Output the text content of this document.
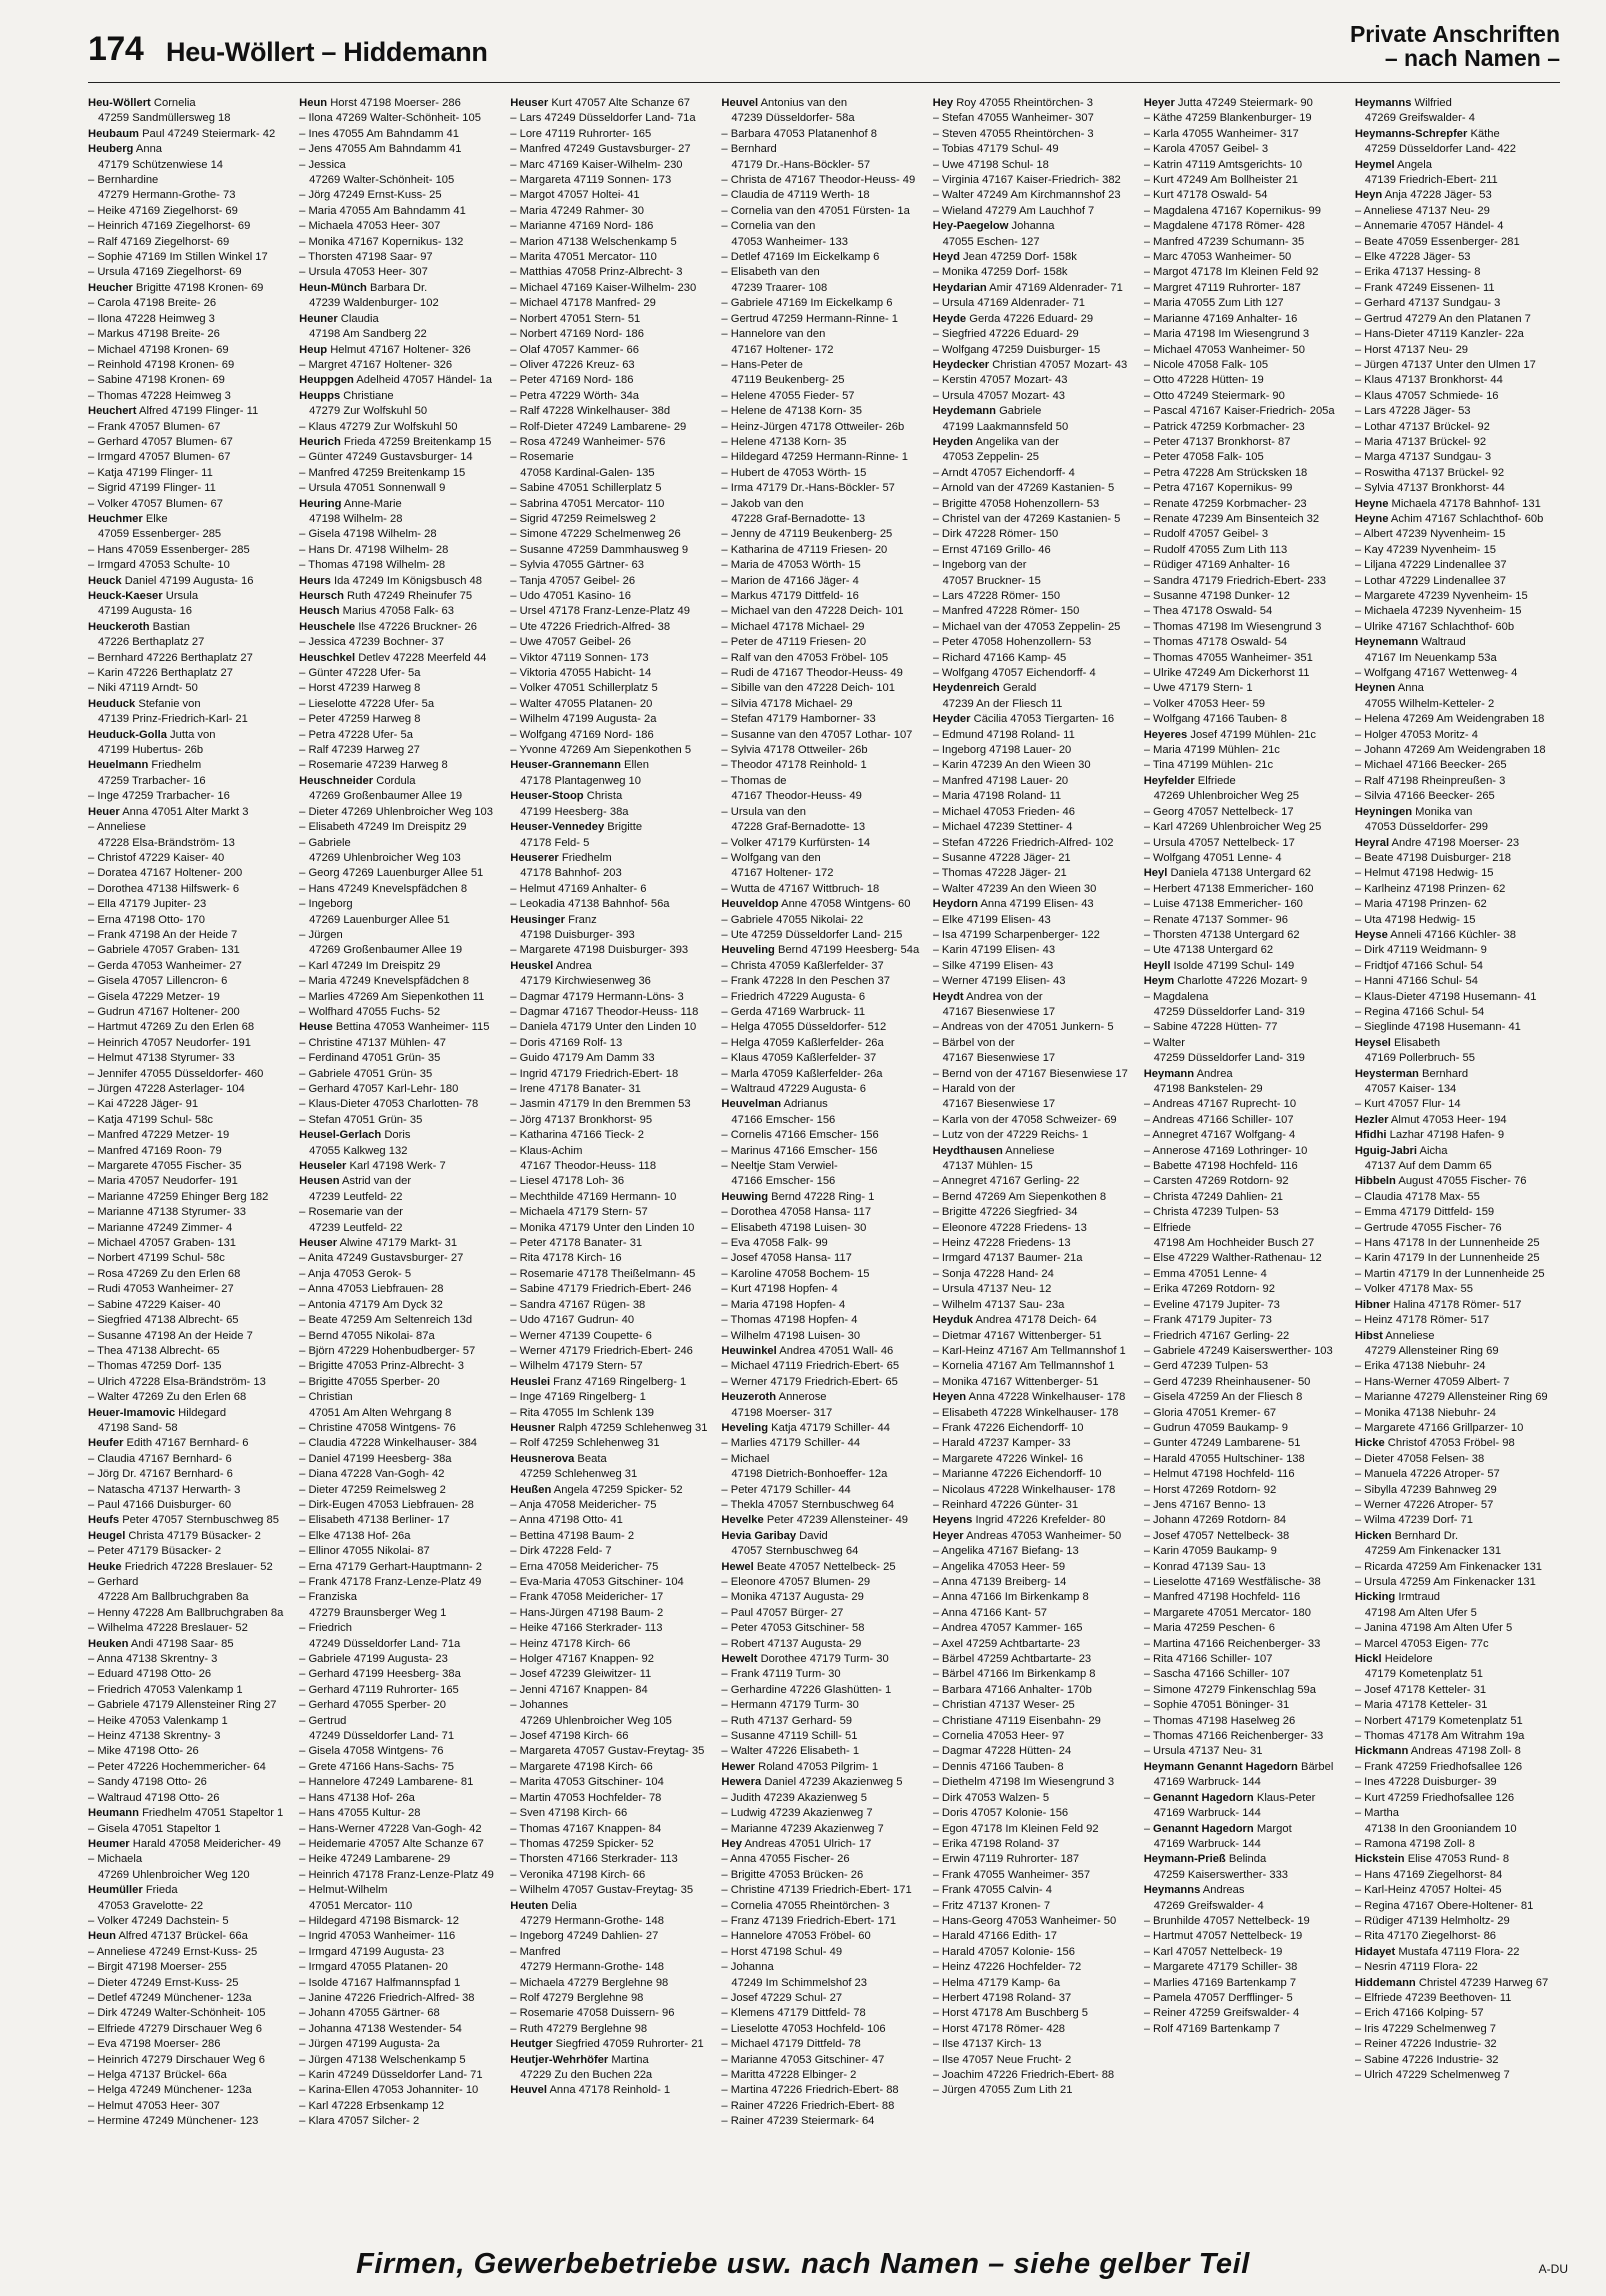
174 Heu-Wöllert – Hiddemann
Private Anschriften
– nach Namen –
Heu-Wöllert Cornelia
47259 Sandmüllersweg 18
Heubaum Paul 47249 Steiermark- 42
Heuberg Anna
47179 Schützenwiese 14
– Bernhardine
47279 Hermann-Grothe- 73
– Heike 47169 Ziegelhorst- 69
– Heinrich 47169 Ziegelhorst- 69
– Ralf 47169 Ziegelhorst- 69
– Sophie 47169 Im Stillen Winkel 17
– Ursula 47169 Ziegelhorst- 69
Heucher Brigitte 47198 Kronen- 69
– Carola 47198 Breite- 26
– Ilona 47228 Heimweg 3
– Markus 47198 Breite- 26
– Michael 47198 Kronen- 69
– Reinhold 47198 Kronen- 69
– Sabine 47198 Kronen- 69
– Thomas 47228 Heimweg 3
Heuchert Alfred 47199 Flinger- 11
– Frank 47057 Blumen- 67
– Gerhard 47057 Blumen- 67
– Irmgard 47057 Blumen- 67
– Katja 47199 Flinger- 11
– Sigrid 47199 Flinger- 11
– Volker 47057 Blumen- 67
Heuchmer Elke
47059 Essenberger- 285
– Hans 47059 Essenberger- 285
– Irmgard 47053 Schulte- 10
Heuck Daniel 47199 Augusta- 16
Heuck-Kaeser Ursula
47199 Augusta- 16
Heuckeroth Bastian
47226 Berthaplatz 27
– Bernhard 47226 Berthaplatz 27
– Karin 47226 Berthaplatz 27
– Niki 47119 Arndt- 50
Heuduck Stefanie von
47139 Prinz-Friedrich-Karl- 21
Heuduck-Golla Jutta von
47199 Hubertus- 26b
Heuelmann Friedhelm
47259 Trarbacher- 16
– Inge 47259 Trarbacher- 16
Heuer Anna 47051 Alter Markt 3
– Anneliese
47228 Elsa-Brändström- 13
– Christof 47229 Kaiser- 40
– Doratea 47167 Holtener- 200
– Dorothea 47138 Hilfswerk- 6
– Ella 47179 Jupiter- 23
– Erna 47198 Otto- 170
– Frank 47198 An der Heide 7
– Gabriele 47057 Graben- 131
– Gerda 47053 Wanheimer- 27
– Gisela 47057 Lillencron- 6
– Gisela 47229 Metzer- 19
– Gudrun 47167 Holtener- 200
– Hartmut 47269 Zu den Erlen 68
– Heinrich 47057 Neudorfer- 191
– Helmut 47138 Styrumer- 33
– Jennifer 47055 Düsseldorfer- 460
– Jürgen 47228 Asterlager- 104
– Kai 47228 Jäger- 91
– Katja 47199 Schul- 58c
– Manfred 47229 Metzer- 19
– Manfred 47169 Roon- 79
– Margarete 47055 Fischer- 35
– Maria 47057 Neudorfer- 191
– Marianne 47259 Ehinger Berg 182
– Marianne 47138 Styrumer- 33
– Marianne 47249 Zimmer- 4
– Michael 47057 Graben- 131
– Norbert 47199 Schul- 58c
– Rosa 47269 Zu den Erlen 68
– Rudi 47053 Wanheimer- 27
– Sabine 47229 Kaiser- 40
– Siegfried 47138 Albrecht- 65
– Susanne 47198 An der Heide 7
– Thea 47138 Albrecht- 65
– Thomas 47259 Dorf- 135
– Ulrich 47228 Elsa-Brändström- 13
– Walter 47269 Zu den Erlen 68
Heuer-Imamovic Hildegard
47198 Sand- 58
Heufer Edith 47167 Bernhard- 6
– Claudia 47167 Bernhard- 6
– Jörg Dr. 47167 Bernhard- 6
– Natascha 47137 Herwarth- 3
– Paul 47166 Duisburger- 60
Heufs Peter 47057 Sternbuschweg 85
Heugel Christa 47179 Büsacker- 2
– Peter 47179 Büsacker- 2
Heuke Friedrich 47228 Breslauer- 52
– Gerhard
47228 Am Ballbruchgraben 8a
– Henny 47228 Am Ballbruchgraben 8a
– Wilhelma 47228 Breslauer- 52
Heuken Andi 47198 Saar- 85
– Anna 47138 Skrentny- 3
– Eduard 47198 Otto- 26
– Friedrich 47053 Valenkamp 1
– Gabriele 47179 Allensteiner Ring 27
– Heike 47053 Valenkamp 1
– Heinz 47138 Skrentny- 3
– Mike 47198 Otto- 26
– Peter 47226 Hochemmericher- 64
– Sandy 47198 Otto- 26
– Waltraud 47198 Otto- 26
Heumann Friedhelm 47051 Stapeltor 1
– Gisela 47051 Stapeltor 1
Heumer Harald 47058 Meidericher- 49
– Michaela
47269 Uhlenbroicher Weg 120
Heumüller Frieda
47053 Gravelotte- 22
– Volker 47249 Dachstein- 5
Heun Alfred 47137 Brückel- 66a
– Anneliese 47249 Ernst-Kuss- 25
– Birgit 47198 Moerser- 255
– Dieter 47249 Ernst-Kuss- 25
– Detlef 47249 Münchener- 123a
– Dirk 47249 Walter-Schönheit- 105
– Elfriede 47279 Dirschauer Weg 6
– Eva 47198 Moerser- 286
– Heinrich 47279 Dirschauer Weg 6
– Helga 47137 Brückel- 66a
– Helga 47249 Münchener- 123a
– Helmut 47053 Heer- 307
– Hermine 47249 Münchener- 123
Heun Horst 47198 Moerser- 286
– Ilona 47269 Walter-Schönheit- 105
– Ines 47055 Am Bahndamm 41
– Jens 47055 Am Bahndamm 41
– Jessica
47269 Walter-Schönheit- 105
– Jörg 47249 Ernst-Kuss- 25
– Maria 47055 Am Bahndamm 41
– Michaela 47053 Heer- 307
– Monika 47167 Kopernikus- 132
– Thorsten 47198 Saar- 97
– Ursula 47053 Heer- 307
Heun-Münch Barbara Dr.
47239 Waldenburger- 102
Heuner Claudia
47198 Am Sandberg 22
Heup Helmut 47167 Holtener- 326
– Margret 47167 Holtener- 326
Heuppgen Adelheid 47057 Händel- 1a
Heupps Christiane
47279 Zur Wolfskuhl 50
– Klaus 47279 Zur Wolfskuhl 50
Heurich Frieda 47259 Breitenkamp 15
– Günter 47249 Gustavsburger- 14
– Manfred 47259 Breitenkamp 15
– Ursula 47051 Sonnenwall 9
Heuring Anne-Marie
47198 Wilhelm- 28
– Gisela 47198 Wilhelm- 28
– Hans Dr. 47198 Wilhelm- 28
– Thomas 47198 Wilhelm- 28
Heurs Ida 47249 Im Königsbusch 48
Heursch Ruth 47249 Rheinufer 75
Heusch Marius 47058 Falk- 63
Heuschele Ilse 47226 Bruckner- 26
– Jessica 47239 Bochner- 37
Heuschkel Detlev 47228 Meerfeld 44
– Günter 47228 Ufer- 5a
– Horst 47239 Harweg 8
– Lieselotte 47228 Ufer- 5a
– Peter 47259 Harweg 8
– Petra 47228 Ufer- 5a
– Ralf 47239 Harweg 27
– Rosemarie 47239 Harweg 8
Heuschneider Cordula
47269 Großenbaumer Allee 19
– Dieter 47269 Uhlenbroicher Weg 103
– Elisabeth 47249 Im Dreispitz 29
– Gabriele
47269 Uhlenbroicher Weg 103
– Georg 47269 Lauenburger Allee 51
– Hans 47249 Knevelspfädchen 8
– Ingeborg
47269 Lauenburger Allee 51
– Jürgen
47269 Großenbaumer Allee 19
– Karl 47249 Im Dreispitz 29
– Maria 47249 Knevelspfädchen 8
– Marlies 47269 Am Siepenkothen 11
– Wolfhard 47055 Fuchs- 52
Heuse Bettina 47053 Wanheimer- 115
– Christine 47137 Mühlen- 47
– Ferdinand 47051 Grün- 35
– Gabriele 47051 Grün- 35
– Gerhard 47057 Karl-Lehr- 180
– Klaus-Dieter 47053 Charlotten- 78
– Stefan 47051 Grün- 35
Heusel-Gerlach Doris
47055 Kalkweg 132
Heuseler Karl 47198 Werk- 7
Heusen Astrid van der
47239 Leutfeld- 22
– Rosemarie van der
47239 Leutfeld- 22
Heuser Alwine 47179 Markt- 31
– Anita 47249 Gustavsburger- 27
– Anja 47053 Gerok- 5
– Anna 47053 Liebfrauen- 28
– Antonia 47179 Am Dyck 32
– Beate 47259 Am Seltenreich 13d
– Bernd 47055 Nikolai- 87a
– Björn 47229 Hohenbudberger- 57
– Brigitte 47053 Prinz-Albrecht- 3
– Brigitte 47055 Sperber- 20
– Christian
47051 Am Alten Wehrgang 8
– Christine 47058 Wintgens- 76
– Claudia 47228 Winkelhauser- 384
– Daniel 47199 Heesberg- 38a
– Diana 47228 Van-Gogh- 42
– Dieter 47259 Reimelsweg 2
– Dirk-Eugen 47053 Liebfrauen- 28
– Elisabeth 47138 Berliner- 17
– Elke 47138 Hof- 26a
– Ellinor 47055 Nikolai- 87
– Erna 47179 Gerhart-Hauptmann- 2
– Frank 47178 Franz-Lenze-Platz 49
– Franziska
47279 Braunsberger Weg 1
– Friedrich
47249 Düsseldorfer Land- 71a
– Gabriele 47199 Augusta- 23
– Gerhard 47199 Heesberg- 38a
– Gerhard 47119 Ruhrorter- 165
– Gerhard 47055 Sperber- 20
– Gertrud
47249 Düsseldorfer Land- 71
– Gisela 47058 Wintgens- 76
– Grete 47166 Hans-Sachs- 75
– Hannelore 47249 Lambarene- 81
– Hans 47138 Hof- 26a
– Hans 47055 Kultur- 28
– Hans-Werner 47228 Van-Gogh- 42
– Heidemarie 47057 Alte Schanze 67
– Heike 47249 Lambarene- 29
– Heinrich 47178 Franz-Lenze-Platz 49
– Helmut-Wilhelm
47051 Mercator- 110
– Hildegard 47198 Bismarck- 12
– Ingrid 47053 Wanheimer- 116
– Irmgard 47199 Augusta- 23
– Irmgard 47055 Platanen- 20
– Isolde 47167 Halfmannspfad 1
– Janine 47226 Friedrich-Alfred- 38
– Johann 47055 Gärtner- 68
– Johanna 47138 Westender- 54
– Jürgen 47199 Augusta- 2a
– Jürgen 47138 Welschenkamp 5
– Karin 47249 Düsseldorfer Land- 71
– Karina-Ellen 47053 Johanniter- 10
– Karl 47228 Erbsenkamp 12
– Klara 47057 Silcher- 2
Heuser Kurt 47057 Alte Schanze 67
– Lars 47249 Düsseldorfer Land- 71a
– Lore 47119 Ruhrorter- 165
– Manfred 47249 Gustavsburger- 27
– Marc 47169 Kaiser-Wilhelm- 230
– Margareta 47119 Sonnen- 173
– Margot 47057 Holtei- 41
– Maria 47249 Rahmer- 30
– Marianne 47169 Nord- 186
– Marion 47138 Welschenkamp 5
– Marita 47051 Mercator- 110
– Matthias 47058 Prinz-Albrecht- 3
– Michael 47169 Kaiser-Wilhelm- 230
– Michael 47178 Manfred- 29
– Norbert 47051 Stern- 51
– Norbert 47169 Nord- 186
– Olaf 47057 Kammer- 66
– Oliver 47226 Kreuz- 63
– Peter 47169 Nord- 186
– Petra 47229 Wörth- 34a
– Ralf 47228 Winkelhauser- 38d
– Rolf-Dieter 47249 Lambarene- 29
– Rosa 47249 Wanheimer- 576
– Rosemarie
47058 Kardinal-Galen- 135
– Sabine 47051 Schillerplatz 5
– Sabrina 47051 Mercator- 110
– Sigrid 47259 Reimelsweg 2
– Simone 47229 Schelmenweg 26
– Susanne 47259 Dammhausweg 9
– Sylvia 47055 Gärtner- 63
– Tanja 47057 Geibel- 26
– Udo 47051 Kasino- 16
– Ursel 47178 Franz-Lenze-Platz 49
– Ute 47226 Friedrich-Alfred- 38
– Uwe 47057 Geibel- 26
– Viktor 47119 Sonnen- 173
– Viktoria 47055 Habicht- 14
– Volker 47051 Schillerplatz 5
– Walter 47055 Platanen- 20
– Wilhelm 47199 Augusta- 2a
– Wolfgang 47169 Nord- 186
– Yvonne 47269 Am Siepenkothen 5
Heuser-Grannemann Ellen
47178 Plantagenweg 10
Heuser-Stoop Christa
47199 Heesberg- 38a
Heuser-Vennedey Brigitte
47178 Feld- 5
Heuserer Friedhelm
47178 Bahnhof- 203
– Helmut 47169 Anhalter- 6
– Leokadia 47138 Bahnhof- 56a
Heusinger Franz
47198 Duisburger- 393
– Margarete 47198 Duisburger- 393
Heuskel Andrea
47179 Kirchwiesenweg 36
– Dagmar 47179 Hermann-Löns- 3
– Dagmar 47167 Theodor-Heuss- 118
– Daniela 47179 Unter den Linden 10
– Doris 47169 Rolf- 13
– Guido 47179 Am Damm 33
– Ingrid 47179 Friedrich-Ebert- 18
– Irene 47178 Banater- 31
– Jasmin 47179 In den Bremmen 53
– Jörg 47137 Bronkhorst- 95
– Katharina 47166 Tieck- 2
– Klaus-Achim
47167 Theodor-Heuss- 118
– Liesel 47178 Loh- 36
– Mechthilde 47169 Hermann- 10
– Michaela 47179 Stern- 57
– Monika 47179 Unter den Linden 10
– Peter 47178 Banater- 31
– Rita 47178 Kirch- 16
– Rosemarie 47178 Theißelmann- 45
– Sabine 47179 Friedrich-Ebert- 246
– Sandra 47167 Rügen- 38
– Udo 47167 Gudrun- 40
– Werner 47139 Coupette- 6
– Werner 47179 Friedrich-Ebert- 246
– Wilhelm 47179 Stern- 57
Heuslei Franz 47169 Ringelberg- 1
– Inge 47169 Ringelberg- 1
– Rita 47055 Im Schlenk 139
Heusner Ralph 47259 Schlehenweg 31
– Rolf 47259 Schlehenweg 31
Heusnerova Beata
47259 Schlehenweg 31
Heußen Angela 47259 Spicker- 52
– Anja 47058 Meidericher- 75
– Anna 47198 Otto- 41
– Bettina 47198 Baum- 2
– Dirk 47228 Feld- 7
– Erna 47058 Meidericher- 75
– Eva-Maria 47053 Gitschiner- 104
– Frank 47058 Meidericher- 17
– Hans-Jürgen 47198 Baum- 2
– Heike 47166 Sterkrader- 113
– Heinz 47178 Kirch- 66
– Holger 47167 Knappen- 92
– Josef 47239 Gleiwitzer- 11
– Jenni 47167 Knappen- 84
– Johannes
47269 Uhlenbroicher Weg 105
– Josef 47198 Kirch- 66
– Margareta 47057 Gustav-Freytag- 35
– Margarete 47198 Kirch- 66
– Marita 47053 Gitschiner- 104
– Martin 47053 Hochfelder- 78
– Sven 47198 Kirch- 66
– Thomas 47167 Knappen- 84
– Thomas 47259 Spicker- 52
– Thorsten 47166 Sterkrader- 113
– Veronika 47198 Kirch- 66
– Wilhelm 47057 Gustav-Freytag- 35
Heuten Delia
47279 Hermann-Grothe- 148
– Ingeborg 47249 Dahlien- 27
– Manfred
47279 Hermann-Grothe- 148
– Michaela 47279 Berglehne 98
– Rolf 47279 Berglehne 98
– Rosemarie 47058 Duissern- 96
– Ruth 47279 Berglehne 98
Heutger Siegfried 47059 Ruhrorter- 21
Heutjer-Wehrhöfer Martina
47229 Zu den Buchen 22a
Heuvel Anna 47178 Reinhold- 1
Heuvel Antonius van den
47239 Düsseldorfer- 58a
– Barbara 47053 Platanenhof 8
– Bernhard
47179 Dr.-Hans-Böckler- 57
– Christa de 47167 Theodor-Heuss- 49
– Claudia de 47119 Werth- 18
– Cornelia van den 47051 Fürsten- 1a
– Cornelia van den
47053 Wanheimer- 133
– Detlef 47169 Im Eickelkamp 6
– Elisabeth van den
47239 Traarer- 108
– Gabriele 47169 Im Eickelkamp 6
– Gertrud 47259 Hermann-Rinne- 1
– Hannelore van den
47167 Holtener- 172
– Hans-Peter de
47119 Beukenberg- 25
– Helene 47055 Fieder- 57
– Helene de 47138 Korn- 35
– Heinz-Jürgen 47178 Ottweiler- 26b
– Helene 47138 Korn- 35
– Hildegard 47259 Hermann-Rinne- 1
– Hubert de 47053 Wörth- 15
– Irma 47179 Dr.-Hans-Böckler- 57
– Jakob van den
47228 Graf-Bernadotte- 13
– Jenny de 47119 Beukenberg- 25
– Katharina de 47119 Friesen- 20
– Maria de 47053 Wörth- 15
– Marion de 47166 Jäger- 4
– Markus 47179 Dittfeld- 16
– Michael van den 47228 Deich- 101
– Michael 47178 Michael- 29
– Peter de 47119 Friesen- 20
– Ralf van den 47053 Fröbel- 105
– Rudi de 47167 Theodor-Heuss- 49
– Sibille van den 47228 Deich- 101
– Silvia 47178 Michael- 29
– Stefan 47179 Hamborner- 33
– Susanne van den 47057 Lothar- 107
– Sylvia 47178 Ottweiler- 26b
– Theodor 47178 Reinhold- 1
– Thomas de
47167 Theodor-Heuss- 49
– Ursula van den
47228 Graf-Bernadotte- 13
– Volker 47179 Kurfürsten- 14
– Wolfgang van den
47167 Holtener- 172
– Wutta de 47167 Wittbruch- 18
Heuveldop Anne 47058 Wintgens- 60
– Gabriele 47055 Nikolai- 22
– Ute 47259 Düsseldorfer Land- 215
Heuveling Bernd 47199 Heesberg- 54a
– Christa 47059 Kaßlerfelder- 37
– Frank 47228 In den Peschen 37
– Friedrich 47229 Augusta- 6
– Gerda 47169 Warbruck- 11
– Helga 47055 Düsseldorfer- 512
– Helga 47059 Kaßlerfelder- 26a
– Klaus 47059 Kaßlerfelder- 37
– Marla 47059 Kaßlerfelder- 26a
– Waltraud 47229 Augusta- 6
Heuvelman Adrianus
47166 Emscher- 156
– Cornelis 47166 Emscher- 156
– Marinus 47166 Emscher- 156
– Neeltje Stam Verwiel-
47166 Emscher- 156
Heuwing Bernd 47228 Ring- 1
– Dorothea 47058 Hansa- 117
– Elisabeth 47198 Luisen- 30
– Eva 47058 Falk- 99
– Josef 47058 Hansa- 117
– Karoline 47058 Bochem- 15
– Kurt 47198 Hopfen- 4
– Maria 47198 Hopfen- 4
– Thomas 47198 Hopfen- 4
– Wilhelm 47198 Luisen- 30
Heuwinkel Andrea 47051 Wall- 46
– Michael 47119 Friedrich-Ebert- 65
– Werner 47179 Friedrich-Ebert- 65
Heuzeroth Annerose
47198 Moerser- 317
Heveling Katja 47179 Schiller- 44
– Marlies 47179 Schiller- 44
– Michael
47198 Dietrich-Bonhoeffer- 12a
– Peter 47179 Schiller- 44
– Thekla 47057 Sternbuschweg 64
Hevelke Peter 47239 Allensteiner- 49
Hevia Garibay David
47057 Sternbuschweg 64
Hewel Beate 47057 Nettelbeck- 25
– Eleonore 47057 Blumen- 29
– Monika 47137 Augusta- 29
– Paul 47057 Bürger- 27
– Peter 47053 Gitschiner- 58
– Robert 47137 Augusta- 29
Hewelt Dorothee 47179 Turm- 30
– Frank 47119 Turm- 30
– Gerhardine 47226 Glashütten- 1
– Hermann 47179 Turm- 30
– Ruth 47137 Gerhard- 59
– Susanne 47119 Schill- 51
– Walter 47226 Elisabeth- 1
Hewer Roland 47053 Pilgrim- 1
Hewera Daniel 47239 Akazienweg 5
– Judith 47239 Akazienweg 5
– Ludwig 47239 Akazienweg 7
– Marianne 47239 Akazienweg 7
Hey Andreas 47051 Ulrich- 17
– Anna 47055 Fischer- 26
– Brigitte 47053 Brücken- 26
– Christine 47139 Friedrich-Ebert- 171
– Cornelia 47055 Rheintörchen- 3
– Franz 47139 Friedrich-Ebert- 171
– Hannelore 47053 Fröbel- 60
– Horst 47198 Schul- 49
– Johanna
47249 Im Schimmelshof 23
– Josef 47229 Schul- 27
– Klemens 47179 Dittfeld- 78
– Lieselotte 47053 Hochfeld- 106
– Michael 47179 Dittfeld- 78
– Marianne 47053 Gitschiner- 47
– Maritta 47228 Elbinger- 2
– Martina 47226 Friedrich-Ebert- 88
– Rainer 47226 Friedrich-Ebert- 88
– Rainer 47239 Steiermark- 64
Hey Roy 47055 Rheintörchen- 3
– Stefan 47055 Wanheimer- 307
– Steven 47055 Rheintörchen- 3
– Tobias 47179 Schul- 49
– Uwe 47198 Schul- 18
– Virginia 47167 Kaiser-Friedrich- 382
– Walter 47249 Am Kirchmannshof 23
– Wieland 47279 Am Lauchhof 7
Hey-Paegelow Johanna
47055 Eschen- 127
Heyd Jean 47259 Dorf- 158k
– Monika 47259 Dorf- 158k
Heydarian Amir 47169 Aldenrader- 71
– Ursula 47169 Aldenrader- 71
Heyde Gerda 47226 Eduard- 29
– Siegfried 47226 Eduard- 29
– Wolfgang 47259 Duisburger- 15
Heydecker Christian 47057 Mozart- 43
– Kerstin 47057 Mozart- 43
– Ursula 47057 Mozart- 43
Heydemann Gabriele
47199 Laakmannsfeld 50
Heyden Angelika van der
47053 Zeppelin- 25
– Arndt 47057 Eichendorff- 4
– Arnold van der 47269 Kastanien- 5
– Brigitte 47058 Hohenzollern- 53
– Christel van der 47269 Kastanien- 5
– Dirk 47228 Römer- 150
– Ernst 47169 Grillo- 46
– Ingeborg van der
47057 Bruckner- 15
– Lars 47228 Römer- 150
– Manfred 47228 Römer- 150
– Michael van der 47053 Zeppelin- 25
– Peter 47058 Hohenzollern- 53
– Richard 47166 Kamp- 45
– Wolfgang 47057 Eichendorff- 4
Heydenreich Gerald
47239 An der Fliesch 11
Heyder Cäcilia 47053 Tiergarten- 16
– Edmund 47198 Roland- 11
– Ingeborg 47198 Lauer- 20
– Karin 47239 An den Wieen 30
– Manfred 47198 Lauer- 20
– Maria 47198 Roland- 11
– Michael 47053 Frieden- 46
– Michael 47239 Stettiner- 4
– Stefan 47226 Friedrich-Alfred- 102
– Susanne 47228 Jäger- 21
– Thomas 47228 Jäger- 21
– Walter 47239 An den Wieen 30
Heydorn Anna 47199 Elisen- 43
– Elke 47199 Elisen- 43
– Isa 47199 Scharpenberger- 122
– Karin 47199 Elisen- 43
– Silke 47199 Elisen- 43
– Werner 47199 Elisen- 43
Heydt Andrea von der
47167 Biesenwiese 17
– Andreas von der 47051 Junkern- 5
– Bärbel von der
47167 Biesenwiese 17
– Bernd von der 47167 Biesenwiese 17
– Harald von der
47167 Biesenwiese 17
– Karla von der 47058 Schweizer- 69
– Lutz von der 47229 Reichs- 1
Heydthausen Anneliese
47137 Mühlen- 15
– Annegret 47167 Gerling- 22
– Bernd 47269 Am Siepenkothen 8
– Brigitte 47226 Siegfried- 34
– Eleonore 47228 Friedens- 13
– Heinz 47228 Friedens- 13
– Irmgard 47137 Baumer- 21a
– Sonja 47228 Hand- 24
– Ursula 47137 Neu- 12
– Wilhelm 47137 Sau- 23a
Heyduk Andrea 47178 Deich- 64
– Dietmar 47167 Wittenberger- 51
– Karl-Heinz 47167 Am Tellmannshof 1
– Kornelia 47167 Am Tellmannshof 1
– Monika 47167 Wittenberger- 51
Heyen Anna 47228 Winkelhauser- 178
– Elisabeth 47228 Winkelhauser- 178
– Frank 47226 Eichendorff- 10
– Harald 47237 Kamper- 33
– Margarete 47226 Winkel- 16
– Marianne 47226 Eichendorff- 10
– Nicolaus 47228 Winkelhauser- 178
– Reinhard 47226 Günter- 31
Heyens Ingrid 47226 Krefelder- 80
Heyer Andreas 47053 Wanheimer- 50
– Angelika 47167 Biefang- 13
– Angelika 47053 Heer- 59
– Anna 47139 Breiberg- 14
– Anna 47166 Im Birkenkamp 8
– Anna 47166 Kant- 57
– Andrea 47057 Kammer- 165
– Axel 47259 Achtbartarte- 23
– Bärbel 47259 Achtbartarte- 23
– Bärbel 47166 Im Birkenkamp 8
– Barbara 47166 Anhalter- 170b
– Christian 47137 Weser- 25
– Christiane 47119 Eisenbahn- 29
– Cornelia 47053 Heer- 97
– Dagmar 47228 Hütten- 24
– Dennis 47166 Tauben- 8
– Diethelm 47198 Im Wiesengrund 3
– Dirk 47053 Walzen- 5
– Doris 47057 Kolonie- 156
– Egon 47178 Im Kleinen Feld 92
– Erika 47198 Roland- 37
– Erwin 47119 Ruhrorter- 187
– Frank 47055 Wanheimer- 357
– Frank 47055 Calvin- 4
– Fritz 47137 Kronen- 7
– Hans-Georg 47053 Wanheimer- 50
– Harald 47166 Edith- 17
– Harald 47057 Kolonie- 156
– Heinz 47226 Hochfelder- 72
– Helma 47179 Kamp- 6a
– Herbert 47198 Roland- 37
– Horst 47178 Am Buschberg 5
– Horst 47178 Römer- 428
– Ilse 47137 Kirch- 13
– Ilse 47057 Neue Frucht- 2
– Joachim 47226 Friedrich-Ebert- 88
– Jürgen 47055 Zum Lith 21
Heyer Jutta 47249 Steiermark- 90
– Käthe 47259 Blankenburger- 19
– Karla 47055 Wanheimer- 317
– Karola 47057 Geibel- 3
– Katrin 47119 Amtsgerichts- 10
– Kurt 47249 Am Bollheister 21
– Kurt 47178 Oswald- 54
– Magdalena 47167 Kopernikus- 99
– Magdalene 47178 Römer- 428
– Manfred 47239 Schumann- 35
– Marc 47053 Wanheimer- 50
– Margot 47178 Im Kleinen Feld 92
– Margret 47119 Ruhrorter- 187
– Maria 47055 Zum Lith 127
– Marianne 47169 Anhalter- 16
– Maria 47198 Im Wiesengrund 3
– Michael 47053 Wanheimer- 50
– Nicole 47058 Falk- 105
– Otto 47228 Hütten- 19
– Otto 47249 Steiermark- 90
– Pascal 47167 Kaiser-Friedrich- 205a
– Patrick 47259 Korbmacher- 23
– Peter 47137 Bronkhorst- 87
– Peter 47058 Falk- 105
– Petra 47228 Am Strücksken 18
– Petra 47167 Kopernikus- 99
– Renate 47259 Korbmacher- 23
– Renate 47239 Am Binsenteich 32
– Rudolf 47057 Geibel- 3
– Rudolf 47055 Zum Lith 113
– Rüdiger 47169 Anhalter- 16
– Sandra 47179 Friedrich-Ebert- 233
– Susanne 47198 Dunker- 12
– Thea 47178 Oswald- 54
– Thomas 47198 Im Wiesengrund 3
– Thomas 47178 Oswald- 54
– Thomas 47055 Wanheimer- 351
– Ulrike 47249 Am Dickerhorst 11
– Uwe 47179 Stern- 1
– Volker 47053 Heer- 59
– Wolfgang 47166 Tauben- 8
Heyeres Josef 47199 Mühlen- 21c
– Maria 47199 Mühlen- 21c
– Tina 47199 Mühlen- 21c
Heyfelder Elfriede
47269 Uhlenbroicher Weg 25
– Georg 47057 Nettelbeck- 17
– Karl 47269 Uhlenbroicher Weg 25
– Ursula 47057 Nettelbeck- 17
– Wolfgang 47051 Lenne- 4
Heyl Daniela 47138 Untergard 62
– Herbert 47138 Emmericher- 160
– Luise 47138 Emmericher- 160
– Renate 47137 Sommer- 96
– Thorsten 47138 Untergard 62
– Ute 47138 Untergard 62
Heyll Isolde 47199 Schul- 149
Heym Charlotte 47226 Mozart- 9
– Magdalena
47259 Düsseldorfer Land- 319
– Sabine 47228 Hütten- 77
– Walter
47259 Düsseldorfer Land- 319
Heymann Andrea
47198 Bankstelen- 29
– Andreas 47167 Ruprecht- 10
– Andreas 47166 Schiller- 107
– Annegret 47167 Wolfgang- 4
– Annerose 47169 Lothringer- 10
– Babette 47198 Hochfeld- 116
– Carsten 47269 Rotdorn- 92
– Christa 47249 Dahlien- 21
– Christa 47239 Tulpen- 53
– Elfriede
47198 Am Hochheider Busch 27
– Else 47229 Walther-Rathenau- 12
– Emma 47051 Lenne- 4
– Erika 47269 Rotdorn- 92
– Eveline 47179 Jupiter- 73
– Frank 47179 Jupiter- 73
– Friedrich 47167 Gerling- 22
– Gabriele 47249 Kaiserswerther- 103
– Gerd 47239 Tulpen- 53
– Gerd 47239 Rheinhausener- 50
– Gisela 47259 An der Fliesch 8
– Gloria 47051 Kremer- 67
– Gudrun 47059 Baukamp- 9
– Gunter 47249 Lambarene- 51
– Harald 47055 Hultschiner- 138
– Helmut 47198 Hochfeld- 116
– Horst 47269 Rotdorn- 92
– Jens 47167 Benno- 13
– Johann 47269 Rotdorn- 84
– Josef 47057 Nettelbeck- 38
– Karin 47059 Baukamp- 9
– Konrad 47139 Sau- 13
– Lieselotte 47169 Westfälische- 38
– Manfred 47198 Hochfeld- 116
– Margarete 47051 Mercator- 180
– Maria 47259 Peschen- 6
– Martina 47166 Reichenberger- 33
– Rita 47166 Schiller- 107
– Sascha 47166 Schiller- 107
– Simone 47279 Finkenschlag 59a
– Sophie 47051 Böninger- 31
– Thomas 47198 Haselweg 26
– Thomas 47166 Reichenberger- 33
– Ursula 47137 Neu- 31
Heymann Genannt Hagedorn Bärbel
47169 Warbruck- 144
– Genannt Hagedorn Klaus-Peter
47169 Warbruck- 144
– Genannt Hagedorn Margot
47169 Warbruck- 144
Heymann-Prieß Belinda
47259 Kaiserswerther- 333
Heymanns Andreas
47269 Greifswalder- 4
– Brunhilde 47057 Nettelbeck- 19
– Hartmut 47057 Nettelbeck- 19
– Karl 47057 Nettelbeck- 19
– Margarete 47179 Schiller- 38
– Marlies 47169 Bartenkamp 7
– Pamela 47057 Derfflinger- 5
– Reiner 47259 Greifswalder- 4
– Rolf 47169 Bartenkamp 7
Heymanns Wilfried
47269 Greifswalder- 4
Heymanns-Schrepfer Käthe
47259 Düsseldorfer Land- 422
Heymel Angela
47139 Friedrich-Ebert- 211
Heyn Anja 47228 Jäger- 53
– Anneliese 47137 Neu- 29
– Annemarie 47057 Händel- 4
– Beate 47059 Essenberger- 281
– Elke 47228 Jäger- 53
– Erika 47137 Hessing- 8
– Frank 47249 Eissenen- 11
– Gerhard 47137 Sundgau- 3
– Gertrud 47279 An den Platanen 7
– Hans-Dieter 47119 Kanzler- 22a
– Horst 47137 Neu- 29
– Jürgen 47137 Unter den Ulmen 17
– Klaus 47137 Bronkhorst- 44
– Klaus 47057 Schmiede- 16
– Lars 47228 Jäger- 53
– Lothar 47137 Brückel- 92
– Maria 47137 Brückel- 92
– Marga 47137 Sundgau- 3
– Roswitha 47137 Brückel- 92
– Sylvia 47137 Bronkhorst- 44
Heyne Michaela 47178 Bahnhof- 131
Heyne Achim 47167 Schlachthof- 60b
– Albert 47239 Nyvenheim- 15
– Kay 47239 Nyvenheim- 15
– Liljana 47229 Lindenallee 37
– Lothar 47229 Lindenallee 37
– Margarete 47239 Nyvenheim- 15
– Michaela 47239 Nyvenheim- 15
– Ulrike 47167 Schlachthof- 60b
Heynemann Waltraud
47167 Im Neuenkamp 53a
– Wolfgang 47167 Wettenweg- 4
Heynen Anna
47055 Wilhelm-Ketteler- 2
– Helena 47269 Am Weidengraben 18
– Holger 47053 Moritz- 4
– Johann 47269 Am Weidengraben 18
– Michael 47166 Beecker- 265
– Ralf 47198 Rheinpreußen- 3
– Silvia 47166 Beecker- 265
Heyningen Monika van
47053 Düsseldorfer- 299
Heyral Andre 47198 Moerser- 23
– Beate 47198 Duisburger- 218
– Helmut 47198 Hedwig- 15
– Karlheinz 47198 Prinzen- 62
– Maria 47198 Prinzen- 62
– Uta 47198 Hedwig- 15
Heyse Anneli 47166 Küchler- 38
– Dirk 47119 Weidmann- 9
– Fridtjof 47166 Schul- 54
– Hanni 47166 Schul- 54
– Klaus-Dieter 47198 Husemann- 41
– Regina 47166 Schul- 54
– Sieglinde 47198 Husemann- 41
Heysel Elisabeth
47169 Pollerbruch- 55
Heysterman Bernhard
47057 Kaiser- 134
– Kurt 47057 Flur- 14
Hezler Almut 47053 Heer- 194
Hfidhi Lazhar 47198 Hafen- 9
Hguig-Jabri Aicha
47137 Auf dem Damm 65
Hibbeln August 47055 Fischer- 76
– Claudia 47178 Max- 55
– Emma 47179 Dittfeld- 159
– Gertrude 47055 Fischer- 76
– Hans 47178 In der Lunnenheide 25
– Karin 47179 In der Lunnenheide 25
– Martin 47179 In der Lunnenheide 25
– Volker 47178 Max- 55
Hibner Halina 47178 Römer- 517
– Heinz 47178 Römer- 517
Hibst Anneliese
47279 Allensteiner Ring 69
– Erika 47138 Niebuhr- 24
– Hans-Werner 47059 Albert- 7
– Marianne 47279 Allensteiner Ring 69
– Monika 47138 Niebuhr- 24
– Margarete 47166 Grillparzer- 10
Hicke Christof 47053 Fröbel- 98
– Dieter 47058 Felsen- 38
– Manuela 47226 Atroper- 57
– Sibylla 47239 Bahnweg 29
– Werner 47226 Atroper- 57
– Wilma 47239 Dorf- 71
Hicken Bernhard Dr.
47259 Am Finkenacker 131
– Ricarda 47259 Am Finkenacker 131
– Ursula 47259 Am Finkenacker 131
Hicking Irmtraud
47198 Am Alten Ufer 5
– Janina 47198 Am Alten Ufer 5
– Marcel 47053 Eigen- 77c
Hickl Heidelore
47179 Kometenplatz 51
– Josef 47178 Ketteler- 31
– Maria 47178 Ketteler- 31
– Norbert 47179 Kometenplatz 51
– Thomas 47178 Am Witrahm 19a
Hickmann Andreas 47198 Zoll- 8
– Frank 47259 Friedhofsallee 126
– Ines 47228 Duisburger- 39
– Kurt 47259 Friedhofsallee 126
– Martha
47138 In den Grooniandem 10
– Ramona 47198 Zoll- 8
Hickstein Elise 47053 Rund- 8
– Hans 47169 Ziegelhorst- 84
– Karl-Heinz 47057 Holtei- 45
– Regina 47167 Obere-Holtener- 81
– Rüdiger 47139 Helmholtz- 29
– Rita 47170 Ziegelhorst- 86
Hidayet Mustafa 47119 Flora- 22
– Nesrin 47119 Flora- 22
Hiddemann Christel 47239 Harweg 67
– Elfriede 47239 Beethoven- 11
– Erich 47166 Kolping- 57
– Iris 47229 Schelmenweg 7
– Reiner 47226 Industrie- 32
– Sabine 47226 Industrie- 32
– Ulrich 47229 Schelmenweg 7
Firmen, Gewerbebetriebe usw. nach Namen – siehe gelber Teil	A-DU
